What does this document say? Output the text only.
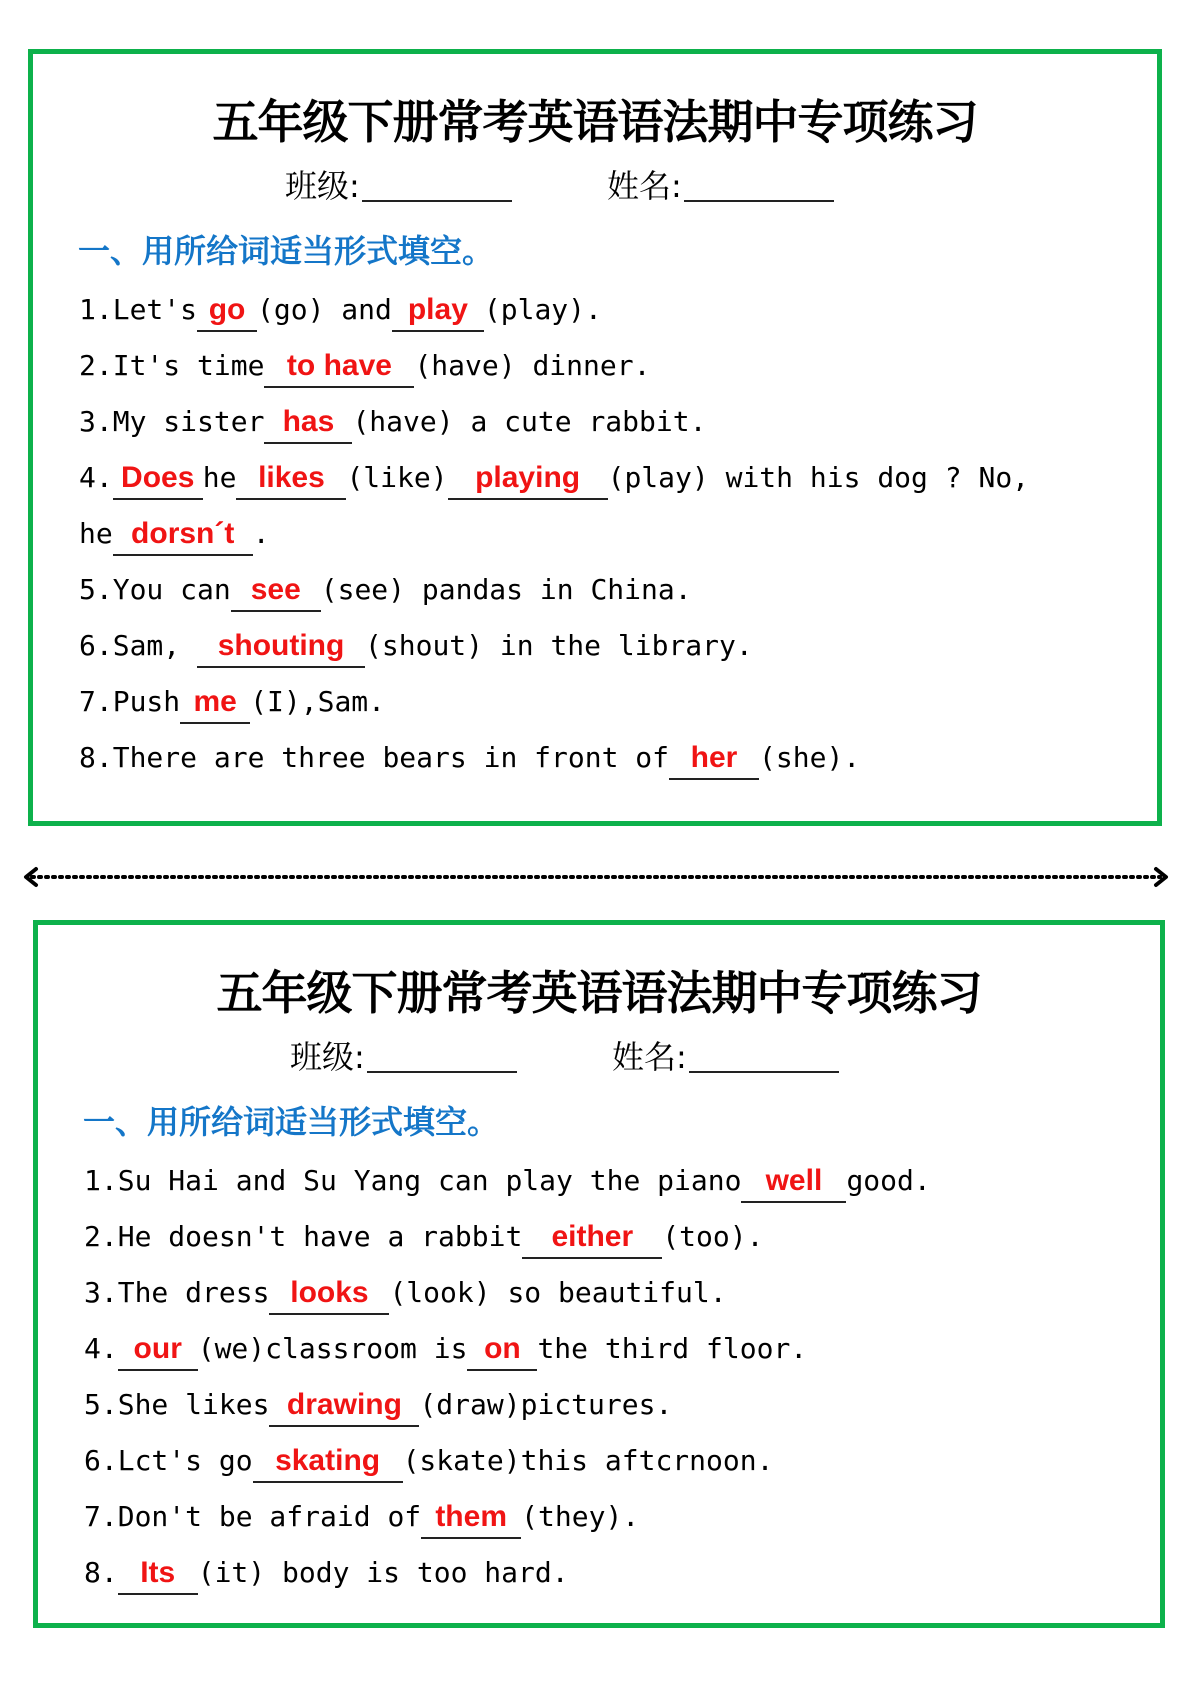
五年级下册常考英语语法期中专项练习
班级:	姓名:
一、用所给词适当形式填空。
1.Let's go (go) and play (play).
2.It's time to have (have) dinner.
3.My sister has (have) a cute rabbit.
4. Does he likes (like) playing (play) with his dog ? No,
he dorsn´t .
5.You can see (see) pandas in China.
6.Sam, shouting (shout) in the library.
7.Push me (I),Sam.
8.There are three bears in front of her (she).
五年级下册常考英语语法期中专项练习
班级:	姓名:
一、用所给词适当形式填空。
1.Su Hai and Su Yang can play the piano well good.
2.He doesn't have a rabbit either (too).
3.The dress looks (look) so beautiful.
4. our (we)classroom is on the third floor.
5.She likes drawing (draw)pictures.
6.Lct's go skating (skate)this aftcrnoon.
7.Don't be afraid of them (they).
8. Its (it) body is too hard.
